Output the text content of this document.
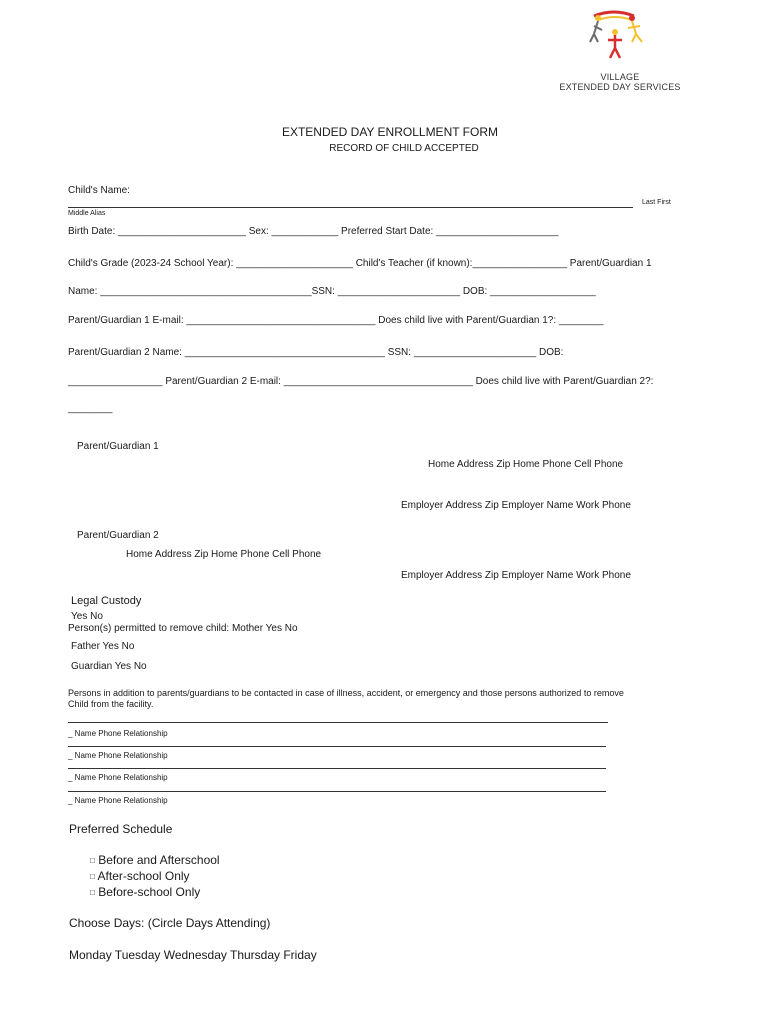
VILLAGE
EXTENDED DAY SERVICES
EXTENDED DAY ENROLLMENT FORM
RECORD OF CHILD ACCEPTED
Child's Name:
Last First
Middle Alias
Birth Date: _______________________ Sex: ____________ Preferred Start Date: ______________________
Child's Grade (2023-24 School Year): _____________________ Child's Teacher (if known):_________________ Parent/Guardian 1
Name: ______________________________________SSN: ______________________ DOB: ___________________
Parent/Guardian 1 E-mail: __________________________________ Does child live with Parent/Guardian 1?: ________
Parent/Guardian 2 Name: ____________________________________ SSN: ______________________ DOB:
_________________ Parent/Guardian 2 E-mail: __________________________________ Does child live with Parent/Guardian 2?:
________
Parent/Guardian 1
Home Address Zip Home Phone Cell Phone
Employer Address Zip Employer Name Work Phone
Parent/Guardian 2
Home Address Zip Home Phone Cell Phone
Employer Address Zip Employer Name Work Phone
Legal Custody
Yes No
Person(s) permitted to remove child: Mother Yes No
Father Yes No
Guardian Yes No
Persons in addition to parents/guardians to be contacted in case of illness, accident, or emergency and those persons authorized to remove
Child from the facility.
_ Name Phone Relationship
_ Name Phone Relationship
_ Name Phone Relationship
_ Name Phone Relationship
Preferred Schedule
□ Before and Afterschool
□ After-school Only
□ Before-school Only
Choose Days: (Circle Days Attending)
Monday Tuesday Wednesday Thursday Friday
